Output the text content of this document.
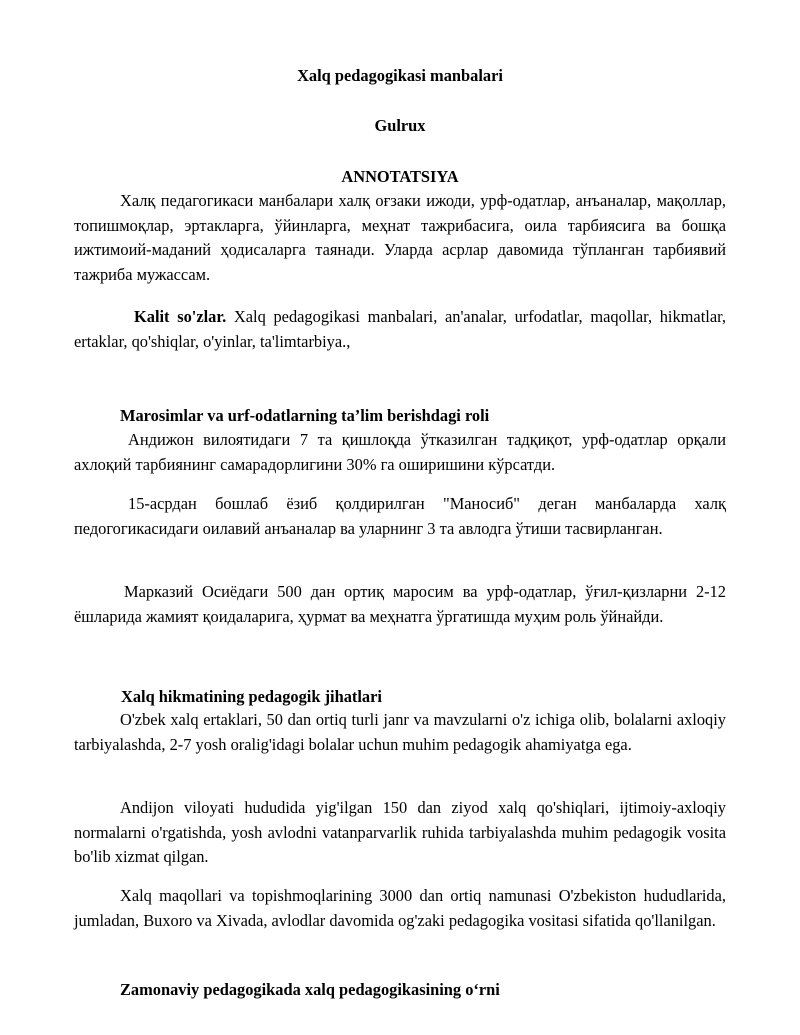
Xalq pedagogikasi manbalari
Gulrux
ANNOTATSIYA

Халқ педагогикаси манбалари халқ оғзаки ижоди, урф-одатлар, анъаналар, мақоллар, топишмоқлар, эртакларга, ўйинларга, меҳнат тажрибасига, оила тарбиясига ва бошқа ижтимоий-маданий ҳодисаларга таянади. Уларда асрлар давомида тўпланган тарбиявий тажриба мужассам.

Kalit so'zlar. Xalq pedagogikasi manbalari, an'analar, urfodatlar, maqollar, hikmatlar, ertaklar, qo'shiqlar, o'yinlar, ta'limtarbiya.,

Marosimlar va urf-odatlarning ta’lim berishdagi roli

Андижон вилоятидаги 7 та қишлоқда ўтказилган тадқиқот, урф-одатлар орқали ахлоқий тарбиянинг самарадорлигини 30% га оширишини кўрсатди.

15-асрдан бошлаб ёзиб қолдирилган "Маносиб" деган манбаларда халқ педогогикасидаги оилавий анъаналар ва уларнинг 3 та авлодга ўтиши тасвирланган.

Марказий Осиёдаги 500 дан ортиқ маросим ва урф-одатлар, ўғил-қизларни 2-12 ёшларида жамият қоидаларига, ҳурмат ва меҳнатга ўргатишда муҳим роль ўйнайди.

Xalq hikmatining pedagogik jihatlari

O'zbek xalq ertaklari, 50 dan ortiq turli janr va mavzularni o'z ichiga olib, bolalarni axloqiy tarbiyalashda, 2-7 yosh oralig'idagi bolalar uchun muhim pedagogik ahamiyatga ega.

Andijon viloyati hududida yig'ilgan 150 dan ziyod xalq qo'shiqlari, ijtimoiy-axloqiy normalarni o'rgatishda, yosh avlodni vatanparvarlik ruhida tarbiyalashda muhim pedagogik vosita bo'lib xizmat qilgan.

Xalq maqollari va topishmoqlarining 3000 dan ortiq namunasi O'zbekiston hududlarida, jumladan, Buxoro va Xivada, avlodlar davomida og'zaki pedagogika vositasi sifatida qo'llanilgan.

Zamonaviy pedagogikada xalq pedagogikasining oʻrni
